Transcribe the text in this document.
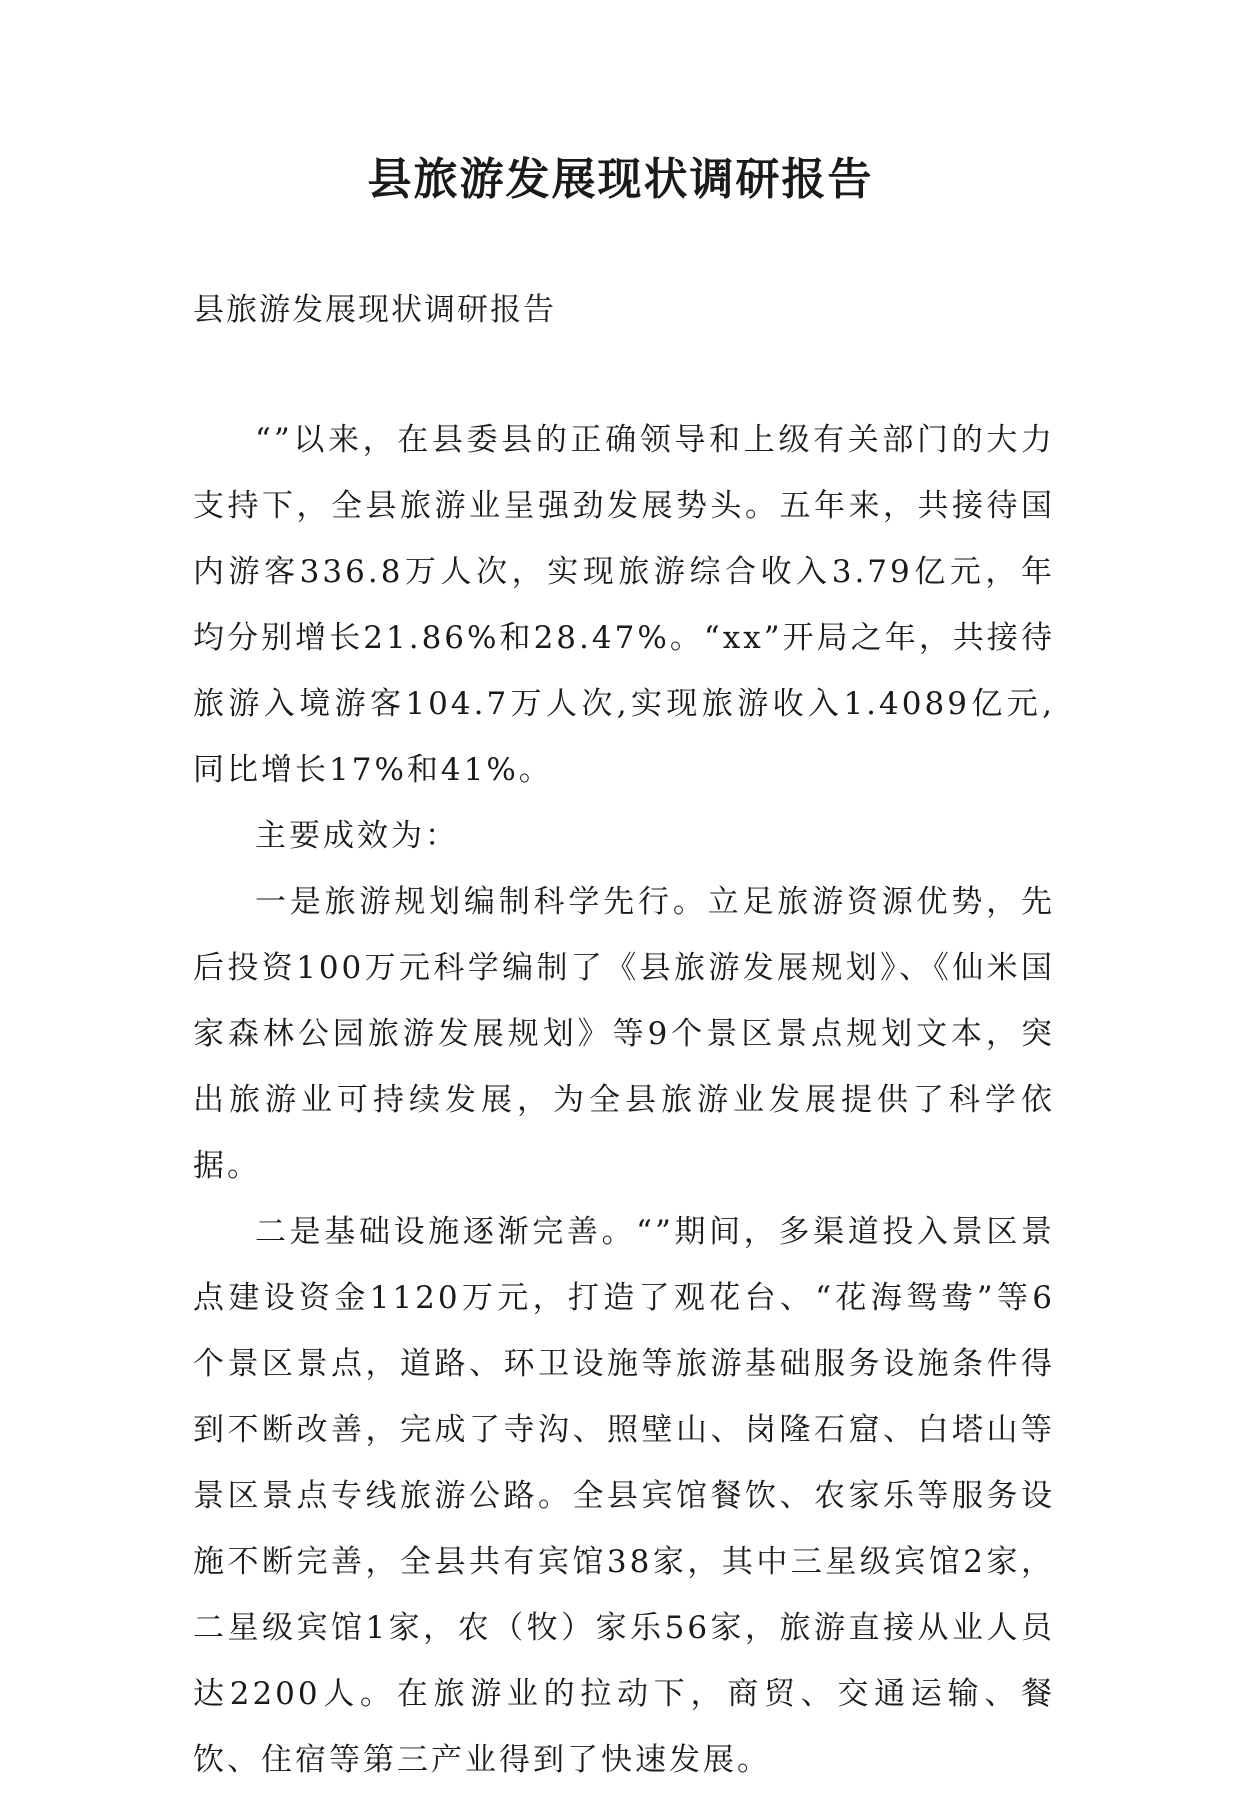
县旅游发展现状调研报告

县旅游发展现状调研报告

“”以来，在县委县的正确领导和上级有关部门的大力支持下，全县旅游业呈强劲发展势头。五年来，共接待国内游客336.8万人次，实现旅游综合收入3.79亿元，年均分别增长21.86%和28.47%。“xx”开局之年，共接待旅游入境游客104.7万人次,实现旅游收入1.4089亿元,同比增长17%和41%。

主要成效为：

一是旅游规划编制科学先行。立足旅游资源优势，先后投资100万元科学编制了《县旅游发展规划》、《仙米国家森林公园旅游发展规划》等9个景区景点规划文本，突出旅游业可持续发展，为全县旅游业发展提供了科学依据。

二是基础设施逐渐完善。“”期间，多渠道投入景区景点建设资金1120万元，打造了观花台、“花海鸳鸯”等6个景区景点，道路、环卫设施等旅游基础服务设施条件得到不断改善，完成了寺沟、照壁山、岗隆石窟、白塔山等景区景点专线旅游公路。全县宾馆餐饮、农家乐等服务设施不断完善，全县共有宾馆38家，其中三星级宾馆2家，二星级宾馆1家，农（牧）家乐56家，旅游直接从业人员达2200人。在旅游业的拉动下，商贸、交通运输、餐饮、住宿等第三产业得到了快速发展。
